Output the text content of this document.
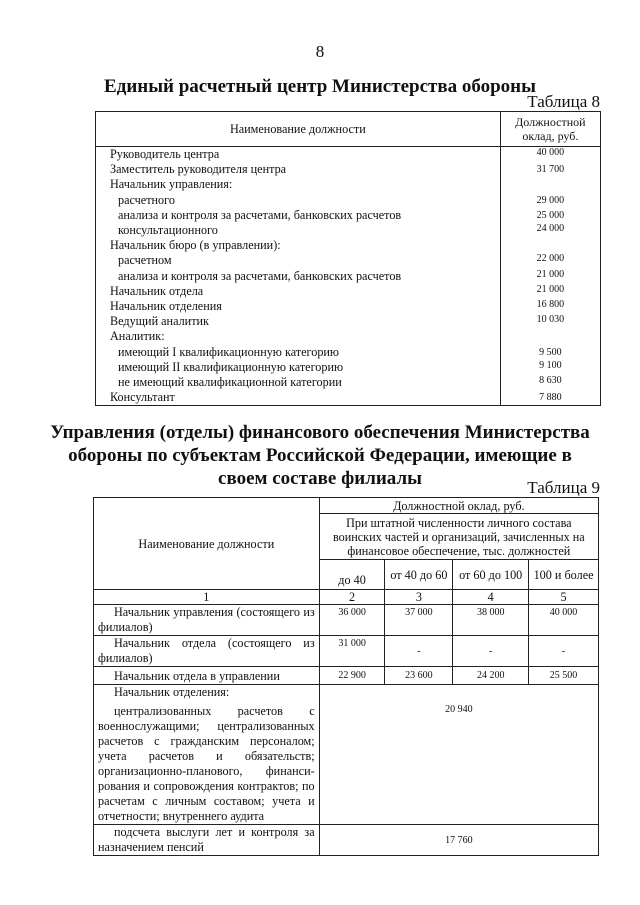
8
Единый расчетный центр Министерства обороны
Таблица 8
Наименование должности	Должностной оклад, руб.
Руководитель центра	40 000
Заместитель руководителя центра	31 700
Начальник управления:	
расчетного	29 000
анализа и контроля за расчетами, банковских расчетов	25 000
консультационного	24 000
Начальник бюро (в управлении):	
расчетном	22 000
анализа и контроля за расчетами, банковских расчетов	21 000
Начальник отдела	21 000
Начальник отделения	16 800
Ведущий аналитик	10 030
Аналитик:	
имеющий I квалификационную категорию	9 500
имеющий II квалификационную категорию	9 100
не имеющий квалификационной категории	8 630
Консультант	7 880
Управления (отделы) финансового обеспечения Министерства
обороны по субъектам Российской Федерации, имеющие в
своем составе филиалы	Таблица 9
Наименование должности	Должностной оклад, руб.			
	При штатной численности личного состава воинских частей и организаций, зачисленных на финансовое обеспечение, тыс. должностей			
	до 40	от 40 до 60	от 60 до 100	100 и более
1	2	3	4	5
Начальник управления (состоящего из филиалов)	36 000	37 000	38 000	40 000
Начальник отдела (состоящего из филиалов)	31 000	-	-	-
Начальник отдела в управлении	22 900	23 600	24 200	25 500
Начальник отделения:				
централизованных расчетов с военнослужащими; централизованных расчетов с гражданским персоналом; учета расчетов и обязательств; организационно-планового, финансирования и сопровождения контрактов; по расчетам с личным составом; учета и отчетности; внутреннего аудита	20 940			
подсчета выслуги лет и контроля за назначением пенсий	17 760			
